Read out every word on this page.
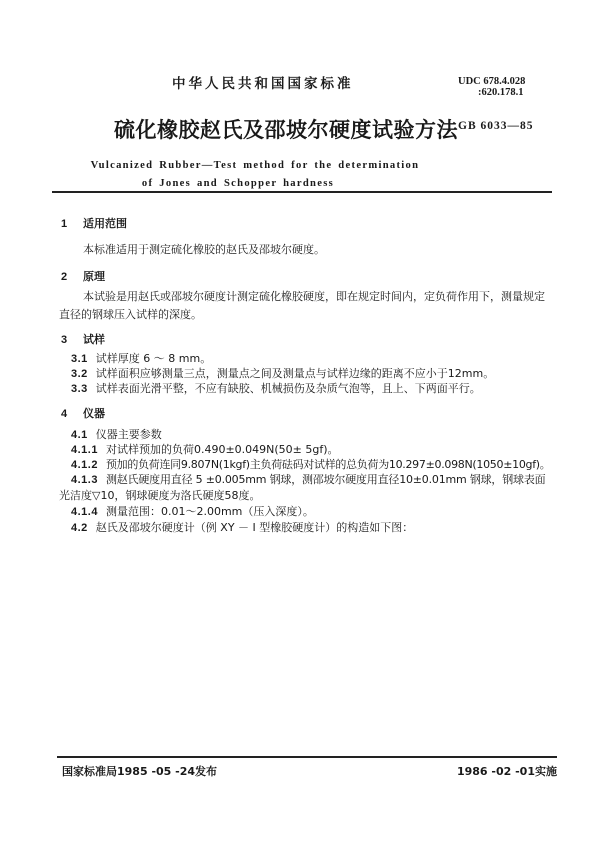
中华人民共和国国家标准	UDC 678.4.028
:620.178.1
硫化橡胶赵氏及邵坡尔硬度试验方法 GB 6033—85
Vulcanized Rubber—Test method for the determination
of Jones and Schopper hardness
1 适用范围
本标准适用于测定硫化橡胶的赵氏及邵坡尔硬度。
2 原理
本试验是用赵氏或邵坡尔硬度计测定硫化橡胶硬度，即在规定时间内，定负荷作用下，测量规定
直径的钢球压入试样的深度。
3 试样
3.1 试样厚度 6 ～ 8 mm。
3.2 试样面积应够测量三点，测量点之间及测量点与试样边缘的距离不应小于12mm。
3.3 试样表面光滑平整，不应有缺胶、机械损伤及杂质气泡等，且上、下两面平行。
4 仪器
4.1 仪器主要参数
4.1.1 对试样预加的负荷0.490±0.049N(50± 5gf)。
4.1.2 预加的负荷连同9.807N(1kgf)主负荷砝码对试样的总负荷为10.297±0.098N(1050±10gf)。
4.1.3 测赵氏硬度用直径 5 ±0.005mm 钢球，测邵坡尔硬度用直径10±0.01mm 钢球，钢球表面
光洁度▽10，钢球硬度为洛氏硬度58度。
4.1.4 测量范围：0.01～2.00mm（压入深度）。
4.2 赵氏及邵坡尔硬度计（例 XY － I 型橡胶硬度计）的构造如下图：
国家标准局1985 -05 -24发布	1986 -02 -01实施
